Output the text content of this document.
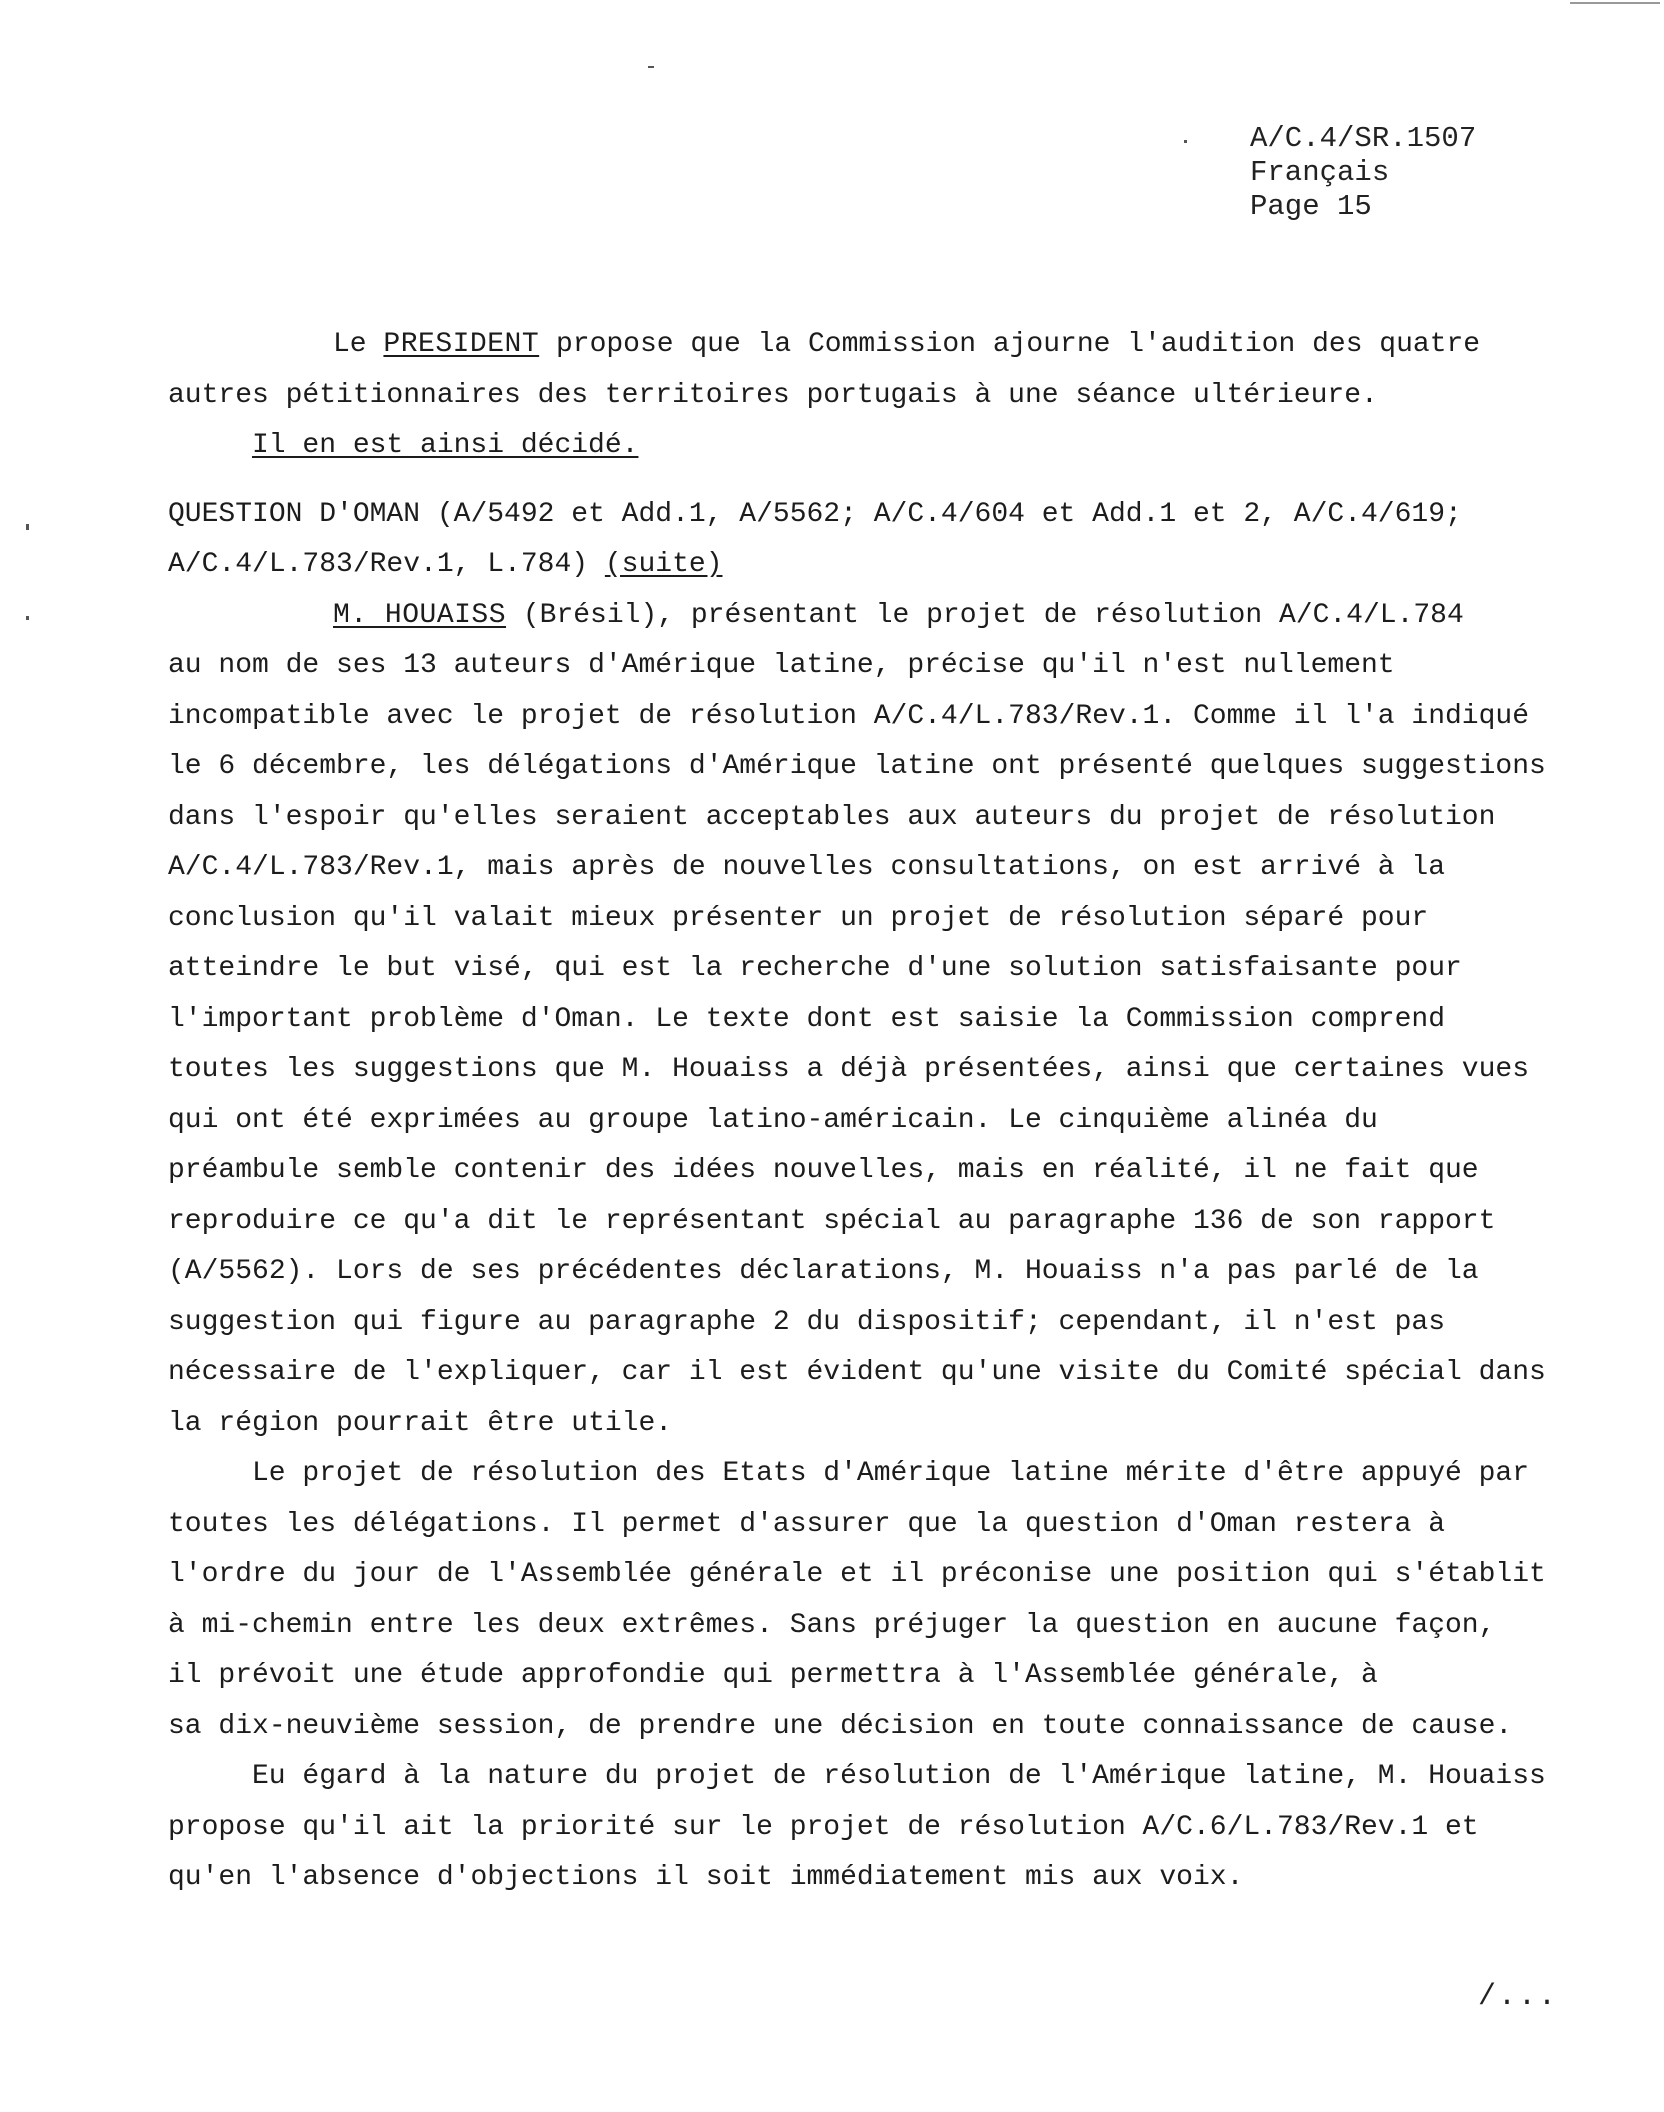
A/C.4/SR.1507
Français
Page 15
Le PRESIDENT propose que la Commission ajourne l'audition des quatre
autres pétitionnaires des territoires portugais à une séance ultérieure.
Il en est ainsi décidé.
QUESTION D'OMAN (A/5492 et Add.1, A/5562; A/C.4/604 et Add.1 et 2, A/C.4/619;
A/C.4/L.783/Rev.1, L.784) (suite)
M. HOUAISS (Brésil), présentant le projet de résolution A/C.4/L.784
au nom de ses 13 auteurs d'Amérique latine, précise qu'il n'est nullement
incompatible avec le projet de résolution A/C.4/L.783/Rev.1. Comme il l'a indiqué
le 6 décembre, les délégations d'Amérique latine ont présenté quelques suggestions
dans l'espoir qu'elles seraient acceptables aux auteurs du projet de résolution
A/C.4/L.783/Rev.1, mais après de nouvelles consultations, on est arrivé à la
conclusion qu'il valait mieux présenter un projet de résolution séparé pour
atteindre le but visé, qui est la recherche d'une solution satisfaisante pour
l'important problème d'Oman. Le texte dont est saisie la Commission comprend
toutes les suggestions que M. Houaiss a déjà présentées, ainsi que certaines vues
qui ont été exprimées au groupe latino-américain. Le cinquième alinéa du
préambule semble contenir des idées nouvelles, mais en réalité, il ne fait que
reproduire ce qu'a dit le représentant spécial au paragraphe 136 de son rapport
(A/5562). Lors de ses précédentes déclarations, M. Houaiss n'a pas parlé de la
suggestion qui figure au paragraphe 2 du dispositif; cependant, il n'est pas
nécessaire de l'expliquer, car il est évident qu'une visite du Comité spécial dans
la région pourrait être utile.
Le projet de résolution des Etats d'Amérique latine mérite d'être appuyé par
toutes les délégations. Il permet d'assurer que la question d'Oman restera à
l'ordre du jour de l'Assemblée générale et il préconise une position qui s'établit
à mi-chemin entre les deux extrêmes. Sans préjuger la question en aucune façon,
il prévoit une étude approfondie qui permettra à l'Assemblée générale, à
sa dix-neuvième session, de prendre une décision en toute connaissance de cause.
Eu égard à la nature du projet de résolution de l'Amérique latine, M. Houaiss
propose qu'il ait la priorité sur le projet de résolution A/C.6/L.783/Rev.1 et
qu'en l'absence d'objections il soit immédiatement mis aux voix.
/...
